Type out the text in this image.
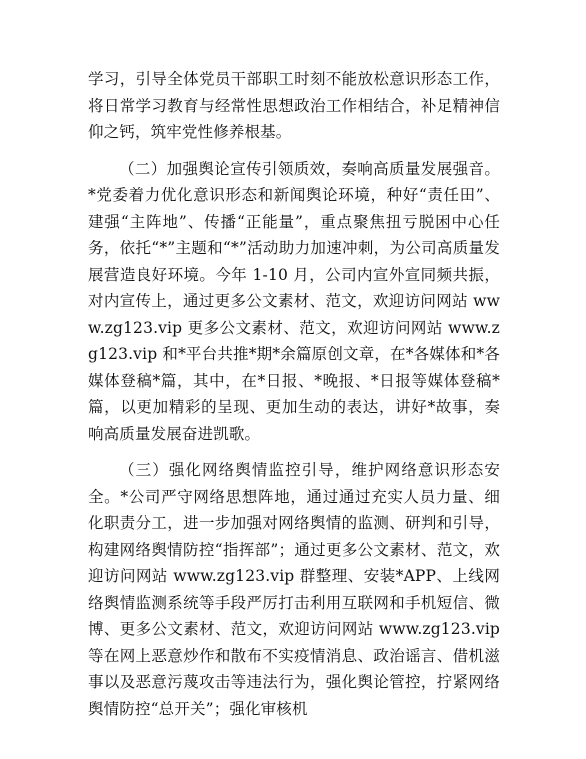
学习，引导全体党员干部职工时刻不能放松意识形态工作，将日常学习教育与经常性思想政治工作相结合，补足精神信仰之钙，筑牢党性修养根基。

（二）加强舆论宣传引领质效，奏响高质量发展强音。*党委着力优化意识形态和新闻舆论环境，种好“责任田”、建强“主阵地”、传播“正能量”，重点聚焦扭亏脱困中心任务，依托“*”主题和“*”活动助力加速冲刺，为公司高质量发展营造良好环境。今年 1-10 月，公司内宣外宣同频共振，对内宣传上，通过更多公文素材、范文，欢迎访问网站 www.zg123.vip 更多公文素材、范文，欢迎访问网站 www.zg123.vip 和*平台共推*期*余篇原创文章，在*各媒体和*各媒体登稿*篇，其中，在*日报、*晚报、*日报等媒体登稿*篇，以更加精彩的呈现、更加生动的表达，讲好*故事，奏响高质量发展奋进凯歌。

（三）强化网络舆情监控引导，维护网络意识形态安全。*公司严守网络思想阵地，通过通过充实人员力量、细化职责分工，进一步加强对网络舆情的监测、研判和引导，构建网络舆情防控“指挥部”；通过更多公文素材、范文，欢迎访问网站 www.zg123.vip 群整理、安装*APP、上线网络舆情监测系统等手段严厉打击利用互联网和手机短信、微博、更多公文素材、范文，欢迎访问网站 www.zg123.vip 等在网上恶意炒作和散布不实疫情消息、政治谣言、借机滋事以及恶意污蔑攻击等违法行为，强化舆论管控，拧紧网络舆情防控“总开关”；强化审核机
